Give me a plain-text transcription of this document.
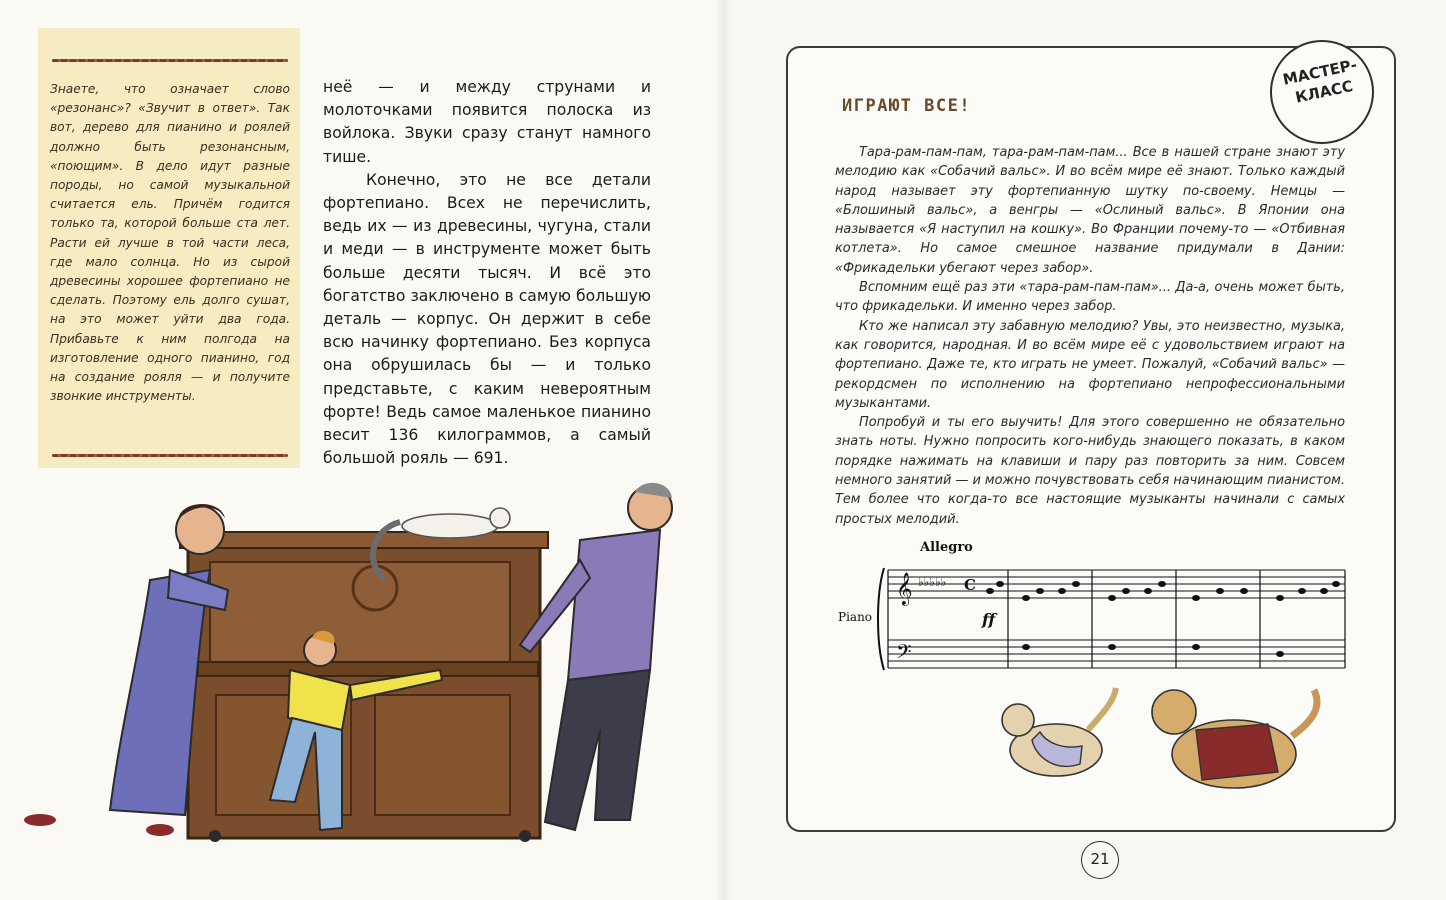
Знаете, что означает слово «резонанс»? «Звучит в ответ». Так вот, дерево для пианино и роялей должно быть резонансным, «поющим». В дело идут разные породы, но самой музыкальной считается ель. Причём годится только та, которой больше ста лет. Расти ей лучше в той части леса, где мало солнца. Но из сырой древесины хорошее фортепиано не сделать. Поэтому ель долго сушат, на это может уйти два года. Прибавьте к ним полгода на изготовление одного пианино, год на создание рояля — и получите звонкие инструменты.

неё — и между струнами и молоточками появится полоска из войлока. Звуки сразу станут намного тише.

Конечно, это не все детали фортепиано. Всех не перечислить, ведь их — из древесины, чугуна, стали и меди — в инструменте может быть больше десяти тысяч. И всё это богатство заключено в самую большую деталь — корпус. Он держит в себе всю начинку фортепиано. Без корпуса она обрушилась бы — и только представьте, с каким невероятным форте! Ведь самое маленькое пианино весит 136 килограммов, а самый большой рояль — 691.

МАСТЕР-
КЛАСС
ИГРАЮТ ВСЕ!

Тара-рам-пам-пам, тара-рам-пам-пам... Все в нашей стране знают эту мелодию как «Собачий вальс». И во всём мире её знают. Только каждый народ называет эту фортепианную шутку по-своему. Немцы — «Блошиный вальс», а венгры — «Ослиный вальс». В Японии она называется «Я наступил на кошку». Во Франции почему-то — «Отбивная котлета». Но самое смешное название придумали в Дании: «Фрикадельки убегают через забор».

Вспомним ещё раз эти «тара-рам-пам-пам»... Да-а, очень может быть, что фрикадельки. И именно через забор.

Кто же написал эту забавную мелодию? Увы, это неизвестно, музыка, как говорится, народная. И во всём мире её с удовольствием играют на фортепиано. Даже те, кто играть не умеет. Пожалуй, «Собачий вальс» — рекордсмен по исполнению на фортепиано непрофессиональными музыкантами.

Попробуй и ты его выучить! Для этого совершенно не обязательно знать ноты. Нужно попросить кого-нибудь знающего показать, в каком порядке нажимать на клавиши и пару раз повторить за ним. Совсем немного занятий — и можно почувствовать себя начинающим пианистом. Тем более что когда-то все настоящие музыканты начинали с самых простых мелодий.

Allegro
Piano	ff
𝄞
𝄢
♭♭♭♭♭ C
21
